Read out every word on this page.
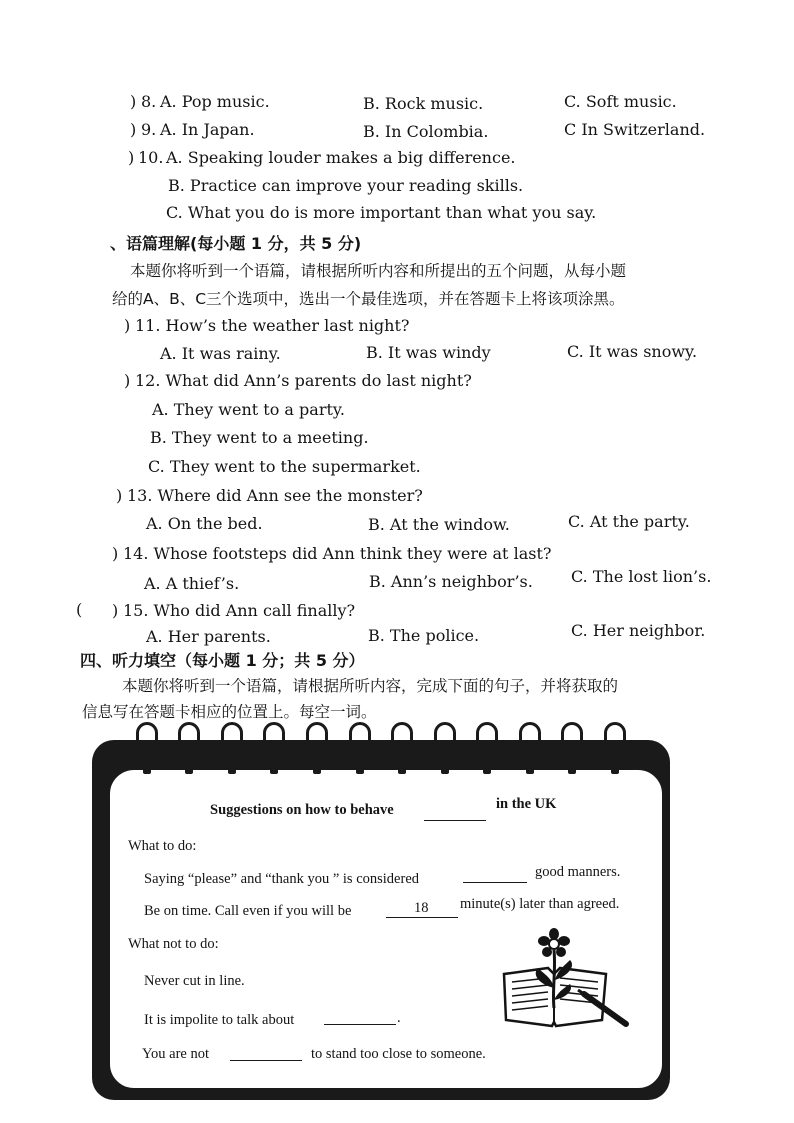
) 8. A. Pop music.	B. Rock music.	C. Soft music.
) 9. A. In Japan.	B. In Colombia.	C In Switzerland.
) 10. A. Speaking louder makes a big difference.
B. Practice can improve your reading skills.
C. What you do is more important than what you say.
、语篇理解(每小题 1 分，共 5 分)
本题你将听到一个语篇，请根据所听内容和所提出的五个问题，从每小题
给的A、B、C三个选项中，选出一个最佳选项，并在答题卡上将该项涂黑。
) 11. How’s the weather last night?
A. It was rainy.	B. It was windy	C. It was snowy.
) 12. What did Ann’s parents do last night?
A. They went to a party.
B. They went to a meeting.
C. They went to the supermarket.
) 13. Where did Ann see the monster?
A. On the bed.	B. At the window.	C. At the party.
) 14. Whose footsteps did Ann think they were at last?
A. A thief’s.	B. Ann’s neighbor’s. C. The lost lion’s.
( ) 15. Who did Ann call finally?
A. Her parents.	B. The police.	C. Her neighbor.
四、听力填空（每小题 1 分；共 5 分）
本题你将听到一个语篇，请根据所听内容，完成下面的句子，并将获取的
信息写在答题卡相应的位置上。每空一词。
Suggestions on how to behave	in the UK
What to do:
Saying “please” and “thank you ” is considered	good manners.
Be on time. Call even if you will be	18 minute(s) later than agreed.
What not to do:
Never cut in line.
It is impolite to talk about	.
You are not	to stand too close to someone.
